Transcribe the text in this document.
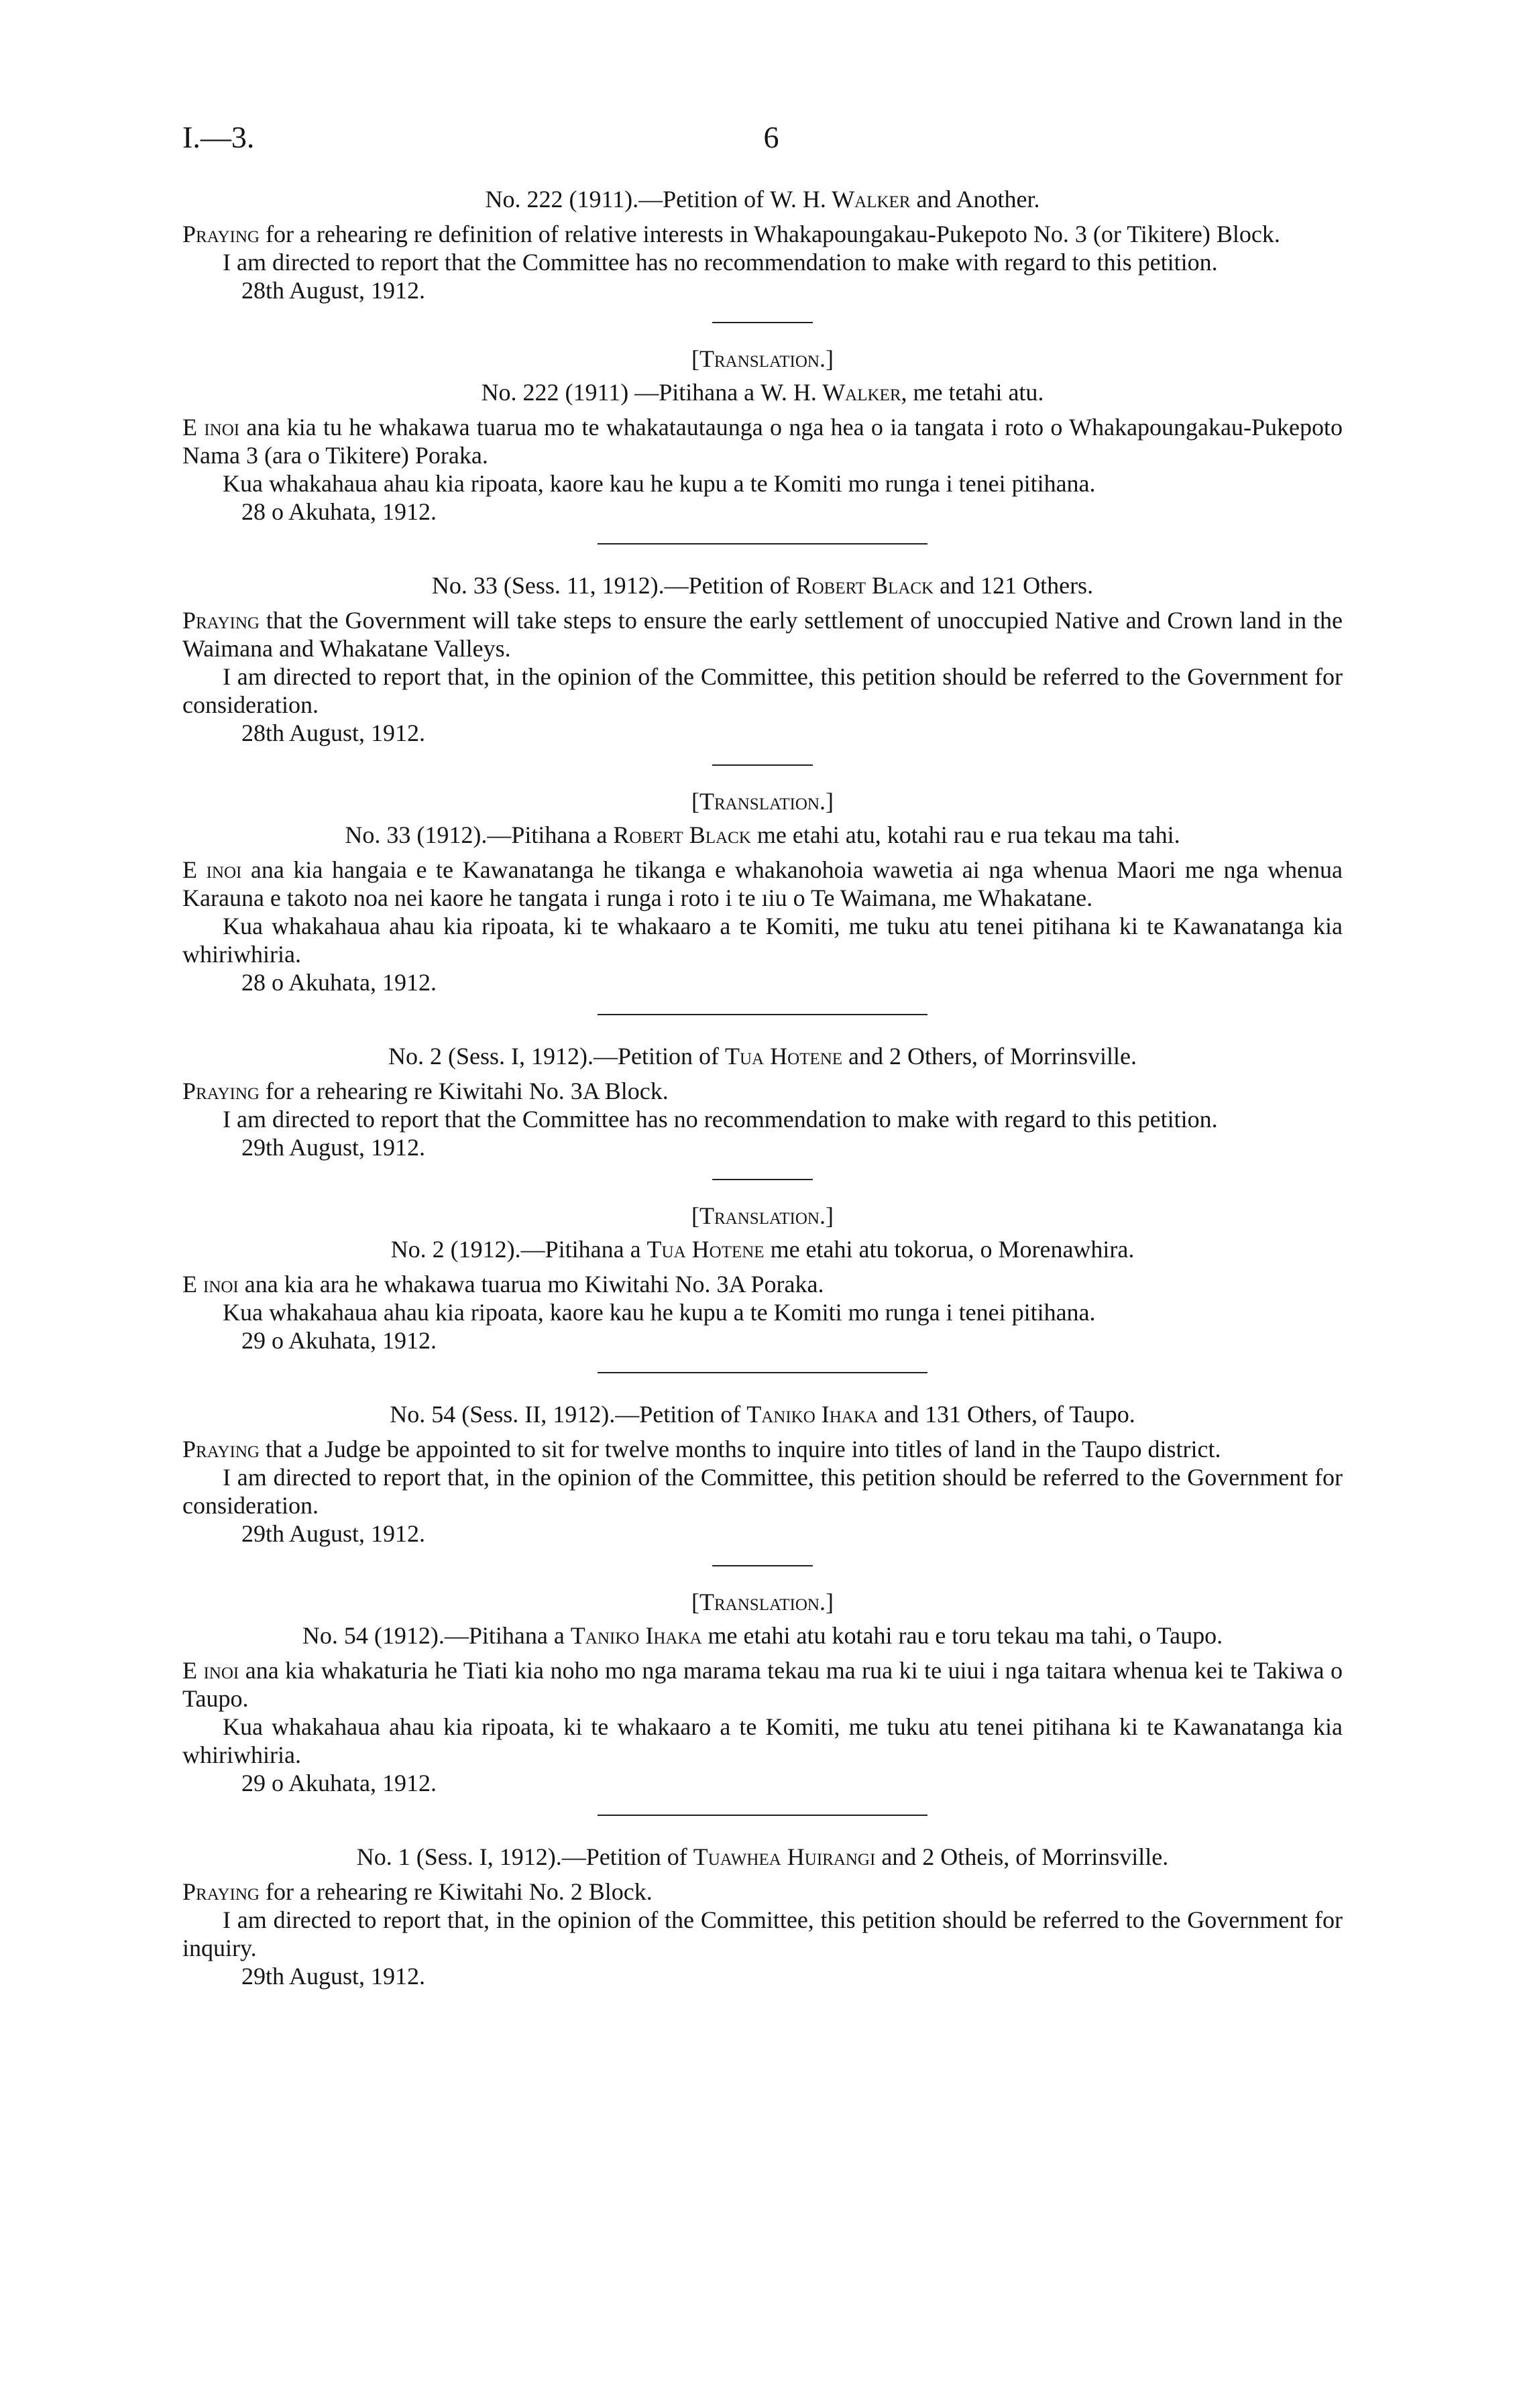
I.—3.	6

No. 222 (1911).—Petition of W. H. Walker and Another.

Praying for a rehearing re definition of relative interests in Whakapoungakau-Pukepoto No. 3 (or Tikitere) Block.

I am directed to report that the Committee has no recommendation to make with regard to this petition.

28th August, 1912.

[Translation.]

No. 222 (1911) —Pitihana a W. H. Walker, me tetahi atu.

E inoi ana kia tu he whakawa tuarua mo te whakatautaunga o nga hea o ia tangata i roto o Whakapoungakau-Pukepoto Nama 3 (ara o Tikitere) Poraka.

Kua whakahaua ahau kia ripoata, kaore kau he kupu a te Komiti mo runga i tenei pitihana.

28 o Akuhata, 1912.

No. 33 (Sess. 11, 1912).—Petition of Robert Black and 121 Others.

Praying that the Government will take steps to ensure the early settlement of unoccupied Native and Crown land in the Waimana and Whakatane Valleys.

I am directed to report that, in the opinion of the Committee, this petition should be referred to the Government for consideration.

28th August, 1912.

[Translation.]

No. 33 (1912).—Pitihana a Robert Black me etahi atu, kotahi rau e rua tekau ma tahi.

E inoi ana kia hangaia e te Kawanatanga he tikanga e whakanohoia wawetia ai nga whenua Maori me nga whenua Karauna e takoto noa nei kaore he tangata i runga i roto i te ıiu o Te Waimana, me Whakatane.

Kua whakahaua ahau kia ripoata, ki te whakaaro a te Komiti, me tuku atu tenei pitihana ki te Kawanatanga kia whiriwhiria.

28 o Akuhata, 1912.

No. 2 (Sess. I, 1912).—Petition of Tua Hotene and 2 Others, of Morrinsville.

Praying for a rehearing re Kiwitahi No. 3A Block.

I am directed to report that the Committee has no recommendation to make with regard to this petition.

29th August, 1912.

[Translation.]

No. 2 (1912).—Pitihana a Tua Hotene me etahi atu tokorua, o Morenawhira.

E inoi ana kia ara he whakawa tuarua mo Kiwitahi No. 3A Poraka.

Kua whakahaua ahau kia ripoata, kaore kau he kupu a te Komiti mo runga i tenei pitihana.

29 o Akuhata, 1912.

No. 54 (Sess. II, 1912).—Petition of Taniko Ihaka and 131 Others, of Taupo.

Praying that a Judge be appointed to sit for twelve months to inquire into titles of land in the Taupo district.

I am directed to report that, in the opinion of the Committee, this petition should be referred to the Government for consideration.

29th August, 1912.

[Translation.]

No. 54 (1912).—Pitihana a Taniko Ihaka me etahi atu kotahi rau e toru tekau ma tahi, o Taupo.

E inoi ana kia whakaturia he Tiati kia noho mo nga marama tekau ma rua ki te uiui i nga taitara whenua kei te Takiwa o Taupo.

Kua whakahaua ahau kia ripoata, ki te whakaaro a te Komiti, me tuku atu tenei pitihana ki te Kawanatanga kia whiriwhiria.

29 o Akuhata, 1912.

No. 1 (Sess. I, 1912).—Petition of Tuawhea Huirangi and 2 Otheis, of Morrinsville.

Praying for a rehearing re Kiwitahi No. 2 Block.

I am directed to report that, in the opinion of the Committee, this petition should be referred to the Government for inquiry.

29th August, 1912.
